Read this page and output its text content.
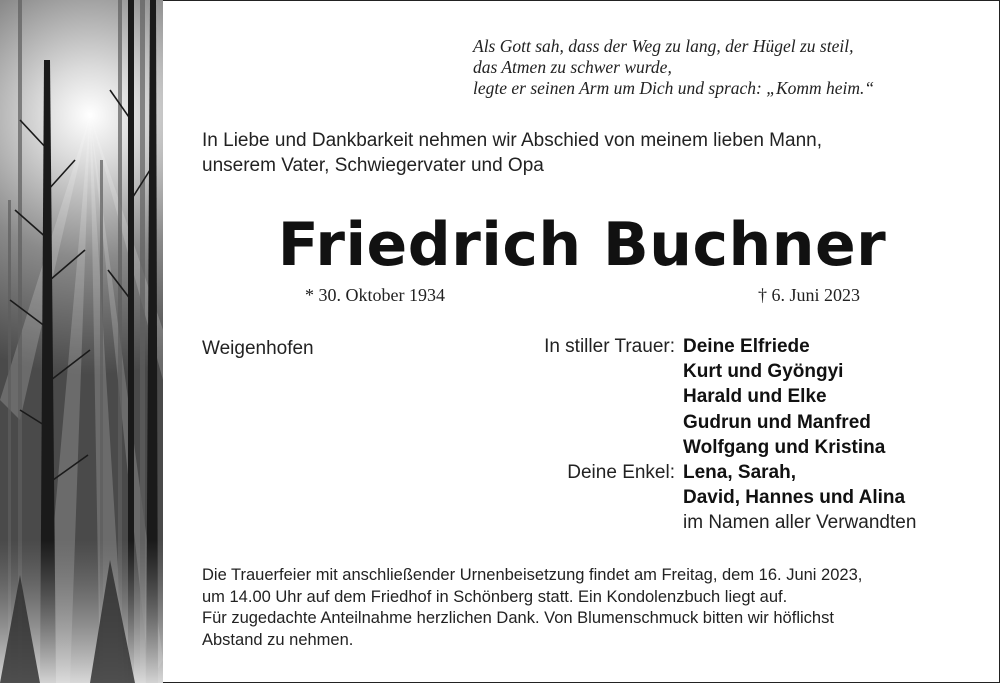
Als Gott sah, dass der Weg zu lang, der Hügel zu steil,
das Atmen zu schwer wurde,
legte er seinen Arm um Dich und sprach: „Komm heim.“
In Liebe und Dankbarkeit nehmen wir Abschied von meinem lieben Mann,
unserem Vater, Schwiegervater und Opa
Friedrich Buchner
* 30. Oktober 1934	† 6. Juni 2023
Weigenhofen	In stiller Trauer: Deine Elfriede
Kurt und Gyöngyi
Harald und Elke
Gudrun und Manfred
Wolfgang und Kristina
Deine Enkel: Lena, Sarah,
David, Hannes und Alina
im Namen aller Verwandten
Die Trauerfeier mit anschließender Urnenbeisetzung findet am Freitag, dem 16. Juni 2023,
um 14.00 Uhr auf dem Friedhof in Schönberg statt. Ein Kondolenzbuch liegt auf.
Für zugedachte Anteilnahme herzlichen Dank. Von Blumenschmuck bitten wir höflichst
Abstand zu nehmen.
